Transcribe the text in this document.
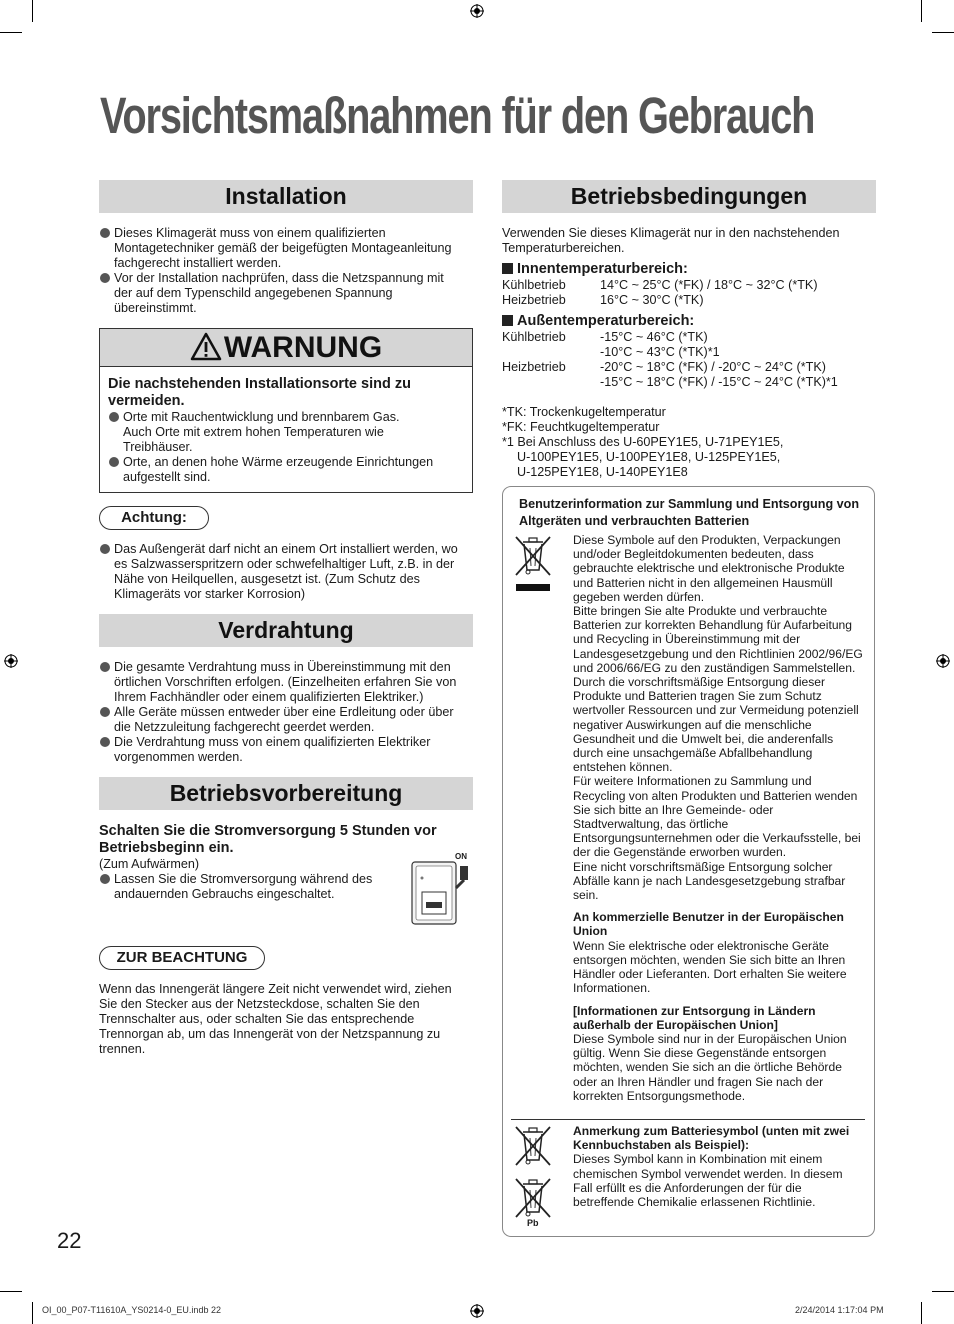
Vorsichtsmaßnahmen für den Gebrauch
Installation
Dieses Klimagerät muss von einem qualifizierten Montagetechniker gemäß der beigefügten Montageanleitung fachgerecht installiert werden.
Vor der Installation nachprüfen, dass die Netzspannung mit der auf dem Typenschild angegebenen Spannung übereinstimmt.
WARNUNG
Die nachstehenden Installationsorte sind zu vermeiden.
Orte mit Rauchentwicklung und brennbarem Gas. Auch Orte mit extrem hohen Temperaturen wie Treibhäuser.
Orte, an denen hohe Wärme erzeugende Einrichtungen aufgestellt sind.
Achtung:
Das Außengerät darf nicht an einem Ort installiert werden, wo es Salzwasserspritzern oder schwefelhaltiger Luft, z.B. in der Nähe von Heilquellen, ausgesetzt ist. (Zum Schutz des Klimageräts vor starker Korrosion)
Verdrahtung
Die gesamte Verdrahtung muss in Übereinstimmung mit den örtlichen Vorschriften erfolgen. (Einzelheiten erfahren Sie von Ihrem Fachhändler oder einem qualifizierten Elektriker.)
Alle Geräte müssen entweder über eine Erdleitung oder über die Netzzuleitung fachgerecht geerdet werden.
Die Verdrahtung muss von einem qualifizierten Elektriker vorgenommen werden.
Betriebsvorbereitung
Schalten Sie die Stromversorgung 5 Stunden vor Betriebsbeginn ein.
(Zum Aufwärmen)
Lassen Sie die Stromversorgung während des andauernden Gebrauchs eingeschaltet.
ON
ZUR BEACHTUNG
Wenn das Innengerät längere Zeit nicht verwendet wird, ziehen Sie den Stecker aus der Netzsteckdose, schalten Sie den Trennschalter aus, oder schalten Sie das entsprechende Trennorgan ab, um das Innengerät von der Netzspannung zu trennen.
Betriebsbedingungen
Verwenden Sie dieses Klimagerät nur in den nachstehenden Temperaturbereichen.
Innentemperaturbereich:
Kühlbetrieb	14°C ~ 25°C (*FK) / 18°C ~ 32°C (*TK)
Heizbetrieb	16°C ~ 30°C (*TK)
Außentemperaturbereich:
Kühlbetrieb	-15°C ~ 46°C (*TK)
-10°C ~ 43°C (*TK)*1
Heizbetrieb	-20°C ~ 18°C (*FK) / -20°C ~ 24°C (*TK)
-15°C ~ 18°C (*FK) / -15°C ~ 24°C (*TK)*1
*TK: Trockenkugeltemperatur
*FK: Feuchtkugeltemperatur
*1 Bei Anschluss des U-60PEY1E5, U-71PEY1E5,
U-100PEY1E5, U-100PEY1E8, U-125PEY1E5,
U-125PEY1E8, U-140PEY1E8
Benutzerinformation zur Sammlung und Entsorgung von Altgeräten und verbrauchten Batterien
Diese Symbole auf den Produkten, Verpackungen und/oder Begleitdokumenten bedeuten, dass gebrauchte elektrische und elektronische Produkte und Batterien nicht in den allgemeinen Hausmüll gegeben werden dürfen.
Bitte bringen Sie alte Produkte und verbrauchte Batterien zur korrekten Behandlung für Aufarbeitung und Recycling in Übereinstimmung mit der Landesgesetzgebung und den Richtlinien 2002/96/EG und 2006/66/EG zu den zuständigen Sammelstellen.
Durch die vorschriftsmäßige Entsorgung dieser Produkte und Batterien tragen Sie zum Schutz wertvoller Ressourcen und zur Vermeidung potenziell negativer Auswirkungen auf die menschliche Gesundheit und die Umwelt bei, die anderenfalls durch eine unsachgemäße Abfallbehandlung entstehen können.
Für weitere Informationen zu Sammlung und Recycling von alten Produkten und Batterien wenden Sie sich bitte an Ihre Gemeinde- oder Stadtverwaltung, das örtliche Entsorgungsunternehmen oder die Verkaufsstelle, bei der die Gegenstände erworben wurden.
Eine nicht vorschriftsmäßige Entsorgung solcher Abfälle kann je nach Landesgesetzgebung strafbar sein.
An kommerzielle Benutzer in der Europäischen Union
Wenn Sie elektrische oder elektronische Geräte entsorgen möchten, wenden Sie sich bitte an Ihren Händler oder Lieferanten. Dort erhalten Sie weitere Informationen.
[Informationen zur Entsorgung in Ländern außerhalb der Europäischen Union]
Diese Symbole sind nur in der Europäischen Union gültig. Wenn Sie diese Gegenstände entsorgen möchten, wenden Sie sich an die örtliche Behörde oder an Ihren Händler und fragen Sie nach der korrekten Entsorgungsmethode.
Pb
Anmerkung zum Batteriesymbol (unten mit zwei Kennbuchstaben als Beispiel):
Dieses Symbol kann in Kombination mit einem chemischen Symbol verwendet werden. In diesem Fall erfüllt es die Anforderungen der für die betreffende Chemikalie erlassenen Richtlinie.
22
OI_00_P07-T11610A_YS0214-0_EU.indb 22	2/24/2014 1:17:04 PM
